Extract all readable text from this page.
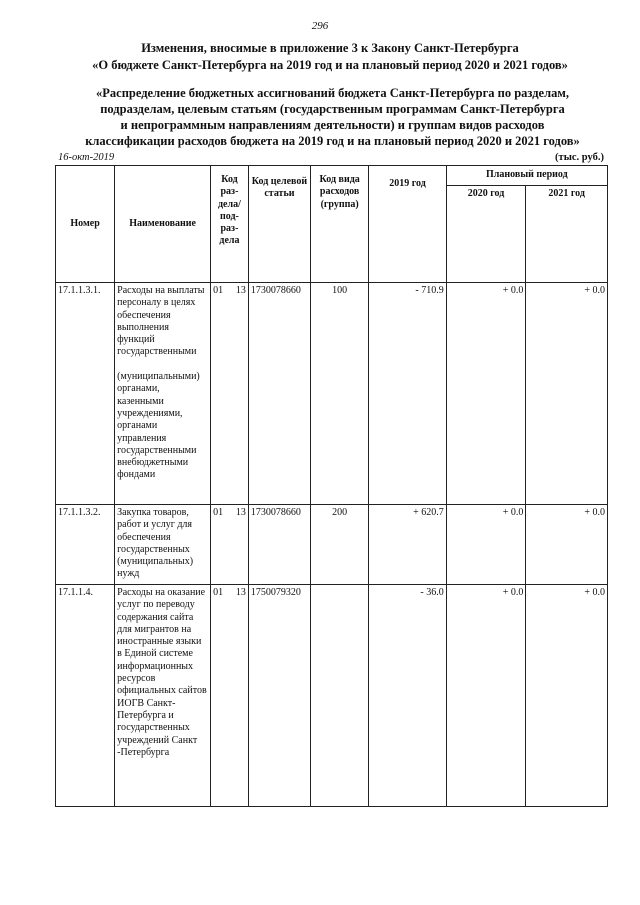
296
Изменения, вносимые в приложение 3 к Закону Санкт-Петербурга
«О бюджете Санкт-Петербурга на 2019 год и на плановый период 2020 и 2021 годов»
«Распределение бюджетных ассигнований бюджета Санкт-Петербурга по разделам,
подразделам, целевым статьям (государственным программам Санкт-Петербурга
и непрограммным направлениям деятельности) и группам видов расходов
классификации расходов бюджета на 2019 год и на плановый период 2020 и 2021 годов»
16-окт-2019	(тыс. руб.)
Номер	Наименование	Код раз-дела/ под-раз-дела	Код целевой статьи	Код вида расходов (группа)	2019 год	Плановый период	
						2020 год	2021 год
17.1.1.3.1.	Расходы на выплаты персоналу в целях обеспечения выполнения функций государственными

(муниципальными) органами, казенными учреждениями, органами управления государственными внебюджетными фондами	01 13	1730078660	100	- 710.9	+ 0.0	+ 0.0
17.1.1.3.2.	Закупка товаров, работ и услуг для обеспечения государственных (муниципальных) нужд	01 13	1730078660	200	+ 620.7	+ 0.0	+ 0.0
17.1.1.4.	Расходы на оказание услуг по переводу содержания сайта для мигрантов на иностранные языки в Единой системе информационных ресурсов официальных сайтов ИОГВ Санкт-Петербурга и государственных учреждений Санкт -Петербурга	01 13	1750079320		- 36.0	+ 0.0	+ 0.0
